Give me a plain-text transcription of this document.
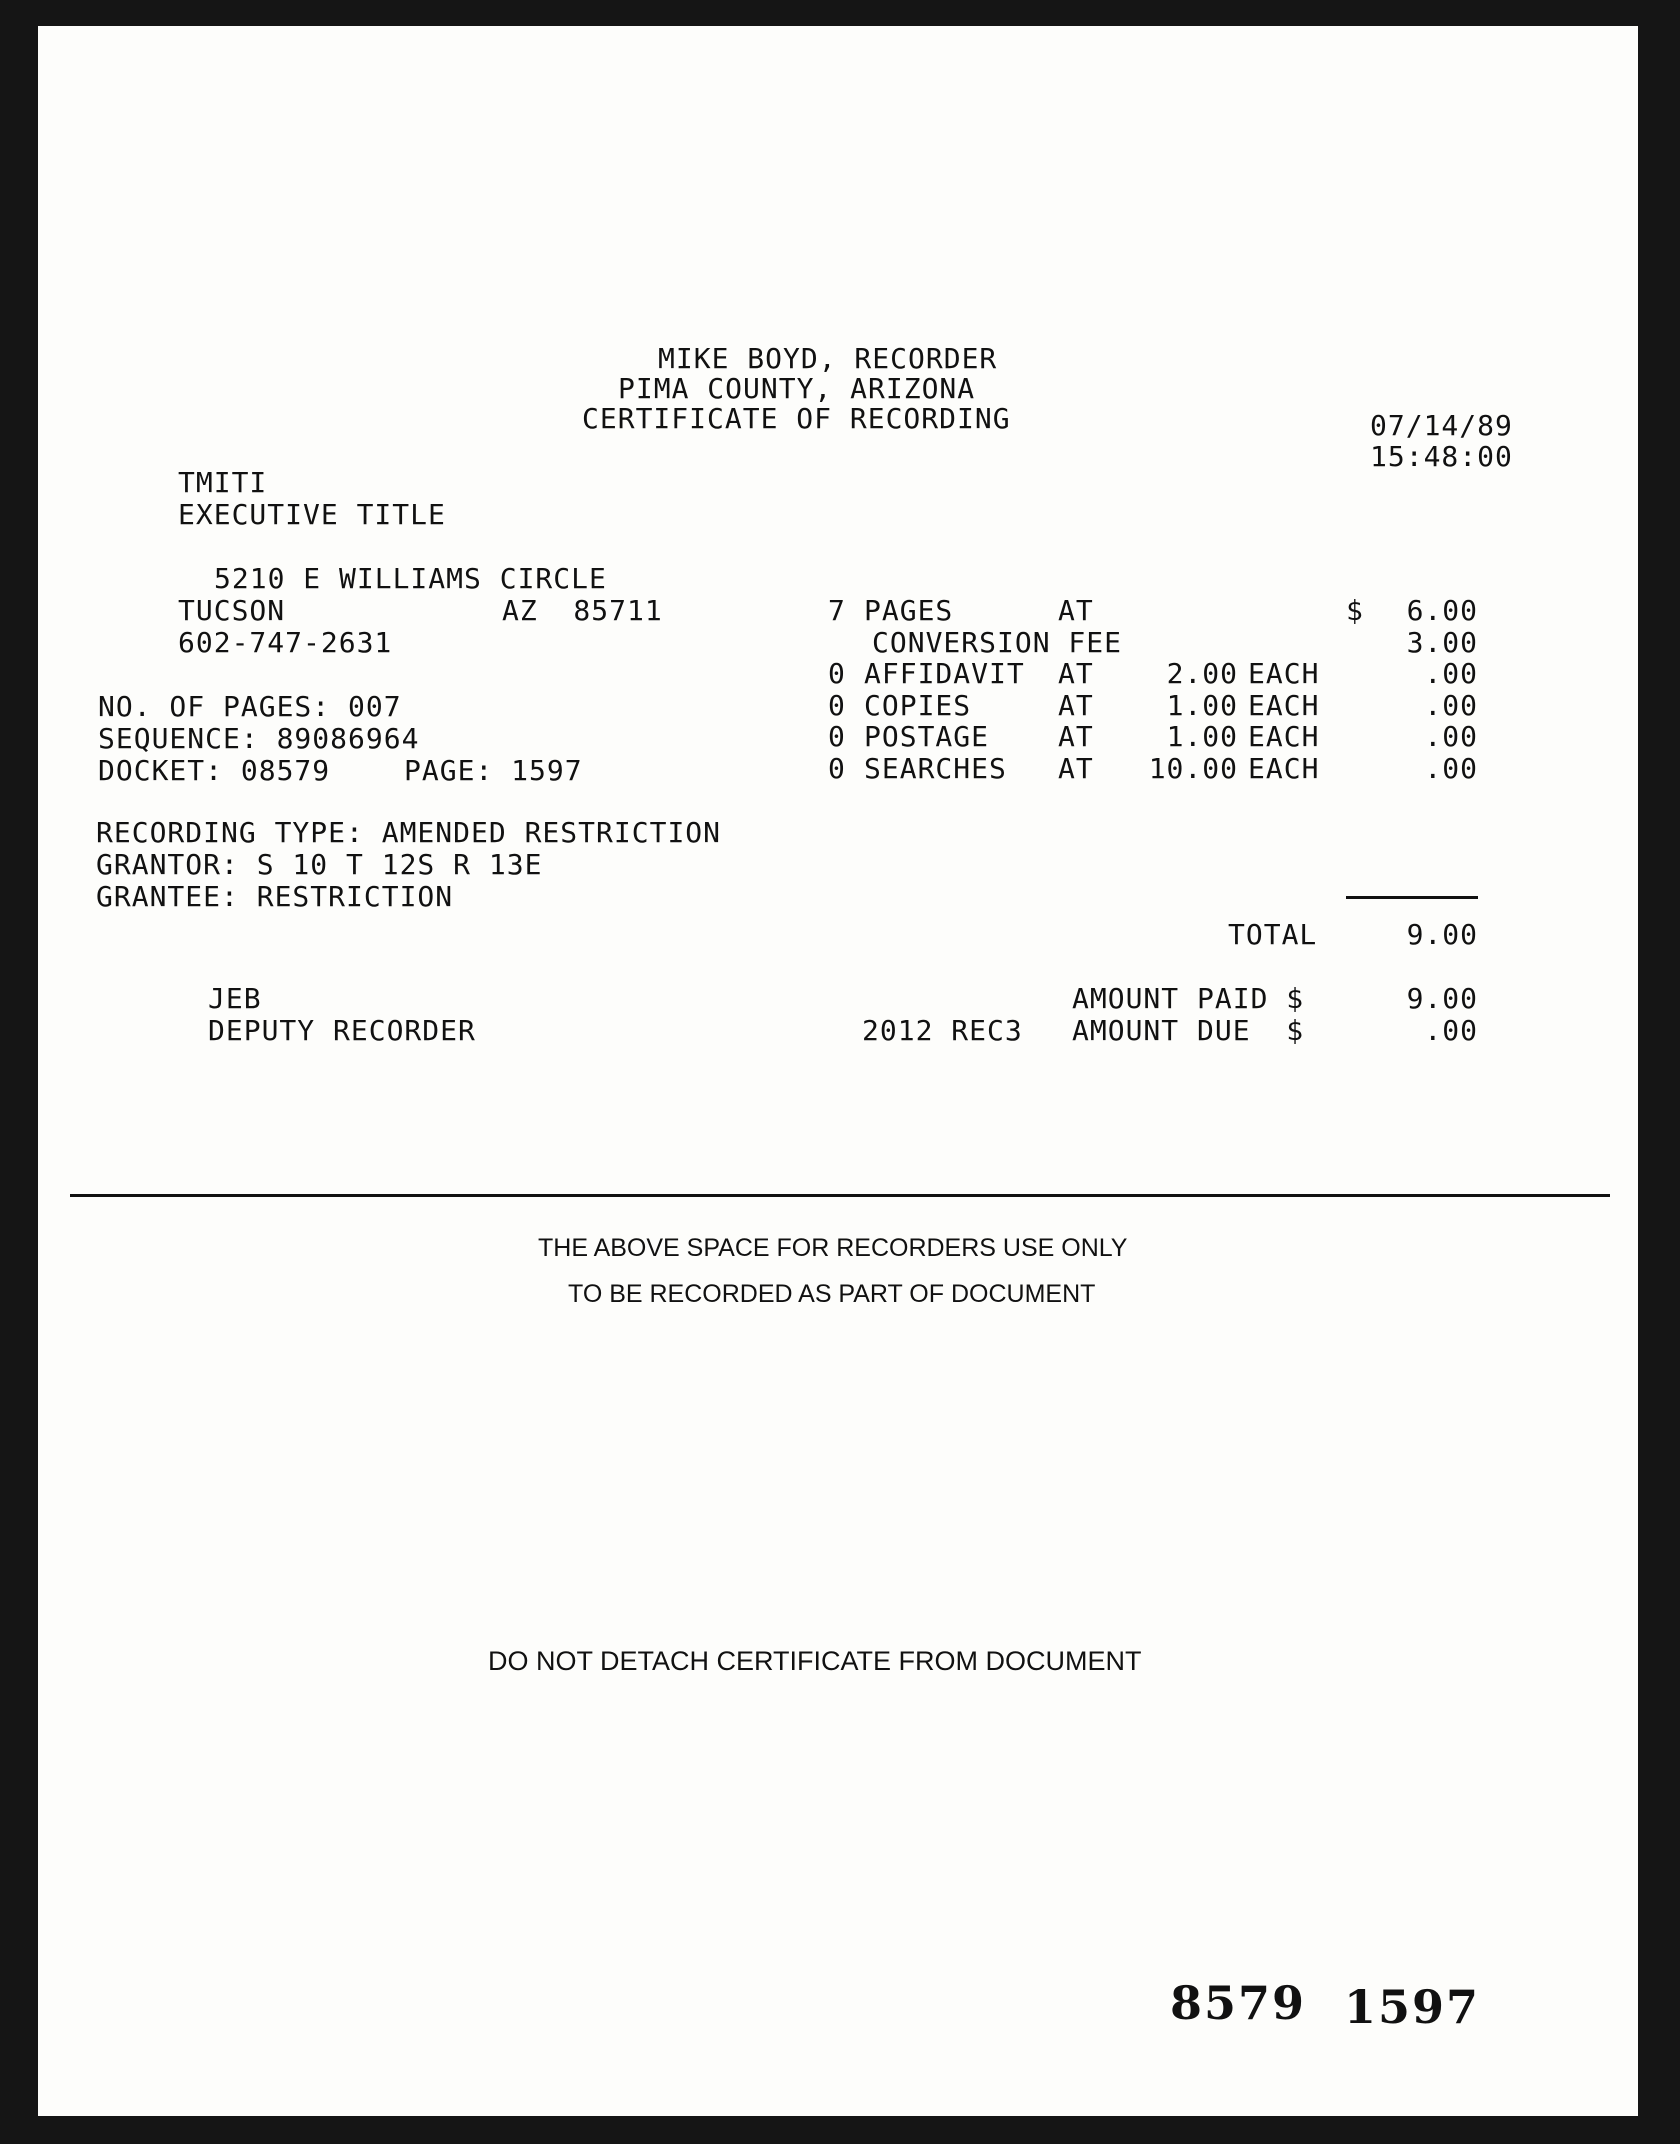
MIKE BOYD, RECORDER
PIMA COUNTY, ARIZONA
CERTIFICATE OF RECORDING	07/14/89
15:48:00
TMITI
EXECUTIVE TITLE
5210 E WILLIAMS CIRCLE
TUCSON	AZ  85711
602-747-2631
NO. OF PAGES: 007
SEQUENCE: 89086964
DOCKET: 08579	PAGE: 1597
RECORDING TYPE: AMENDED RESTRICTION
GRANTOR: S 10 T 12S R 13E
GRANTEE: RESTRICTION
7 PAGES	AT	$	6.00
CONVERSION FEE	3.00
0 AFFIDAVIT AT	2.00 EACH	.00
0 COPIES	AT	1.00 EACH	.00
0 POSTAGE AT	1.00 EACH	.00
0 SEARCHES AT	10.00 EACH	.00
TOTAL	9.00
JEB
DEPUTY RECORDER	2012 REC3
AMOUNT PAID $	9.00
AMOUNT DUE  $	.00
THE ABOVE SPACE FOR RECORDERS USE ONLY
TO BE RECORDED AS PART OF DOCUMENT
DO NOT DETACH CERTIFICATE FROM DOCUMENT
8579 1597
